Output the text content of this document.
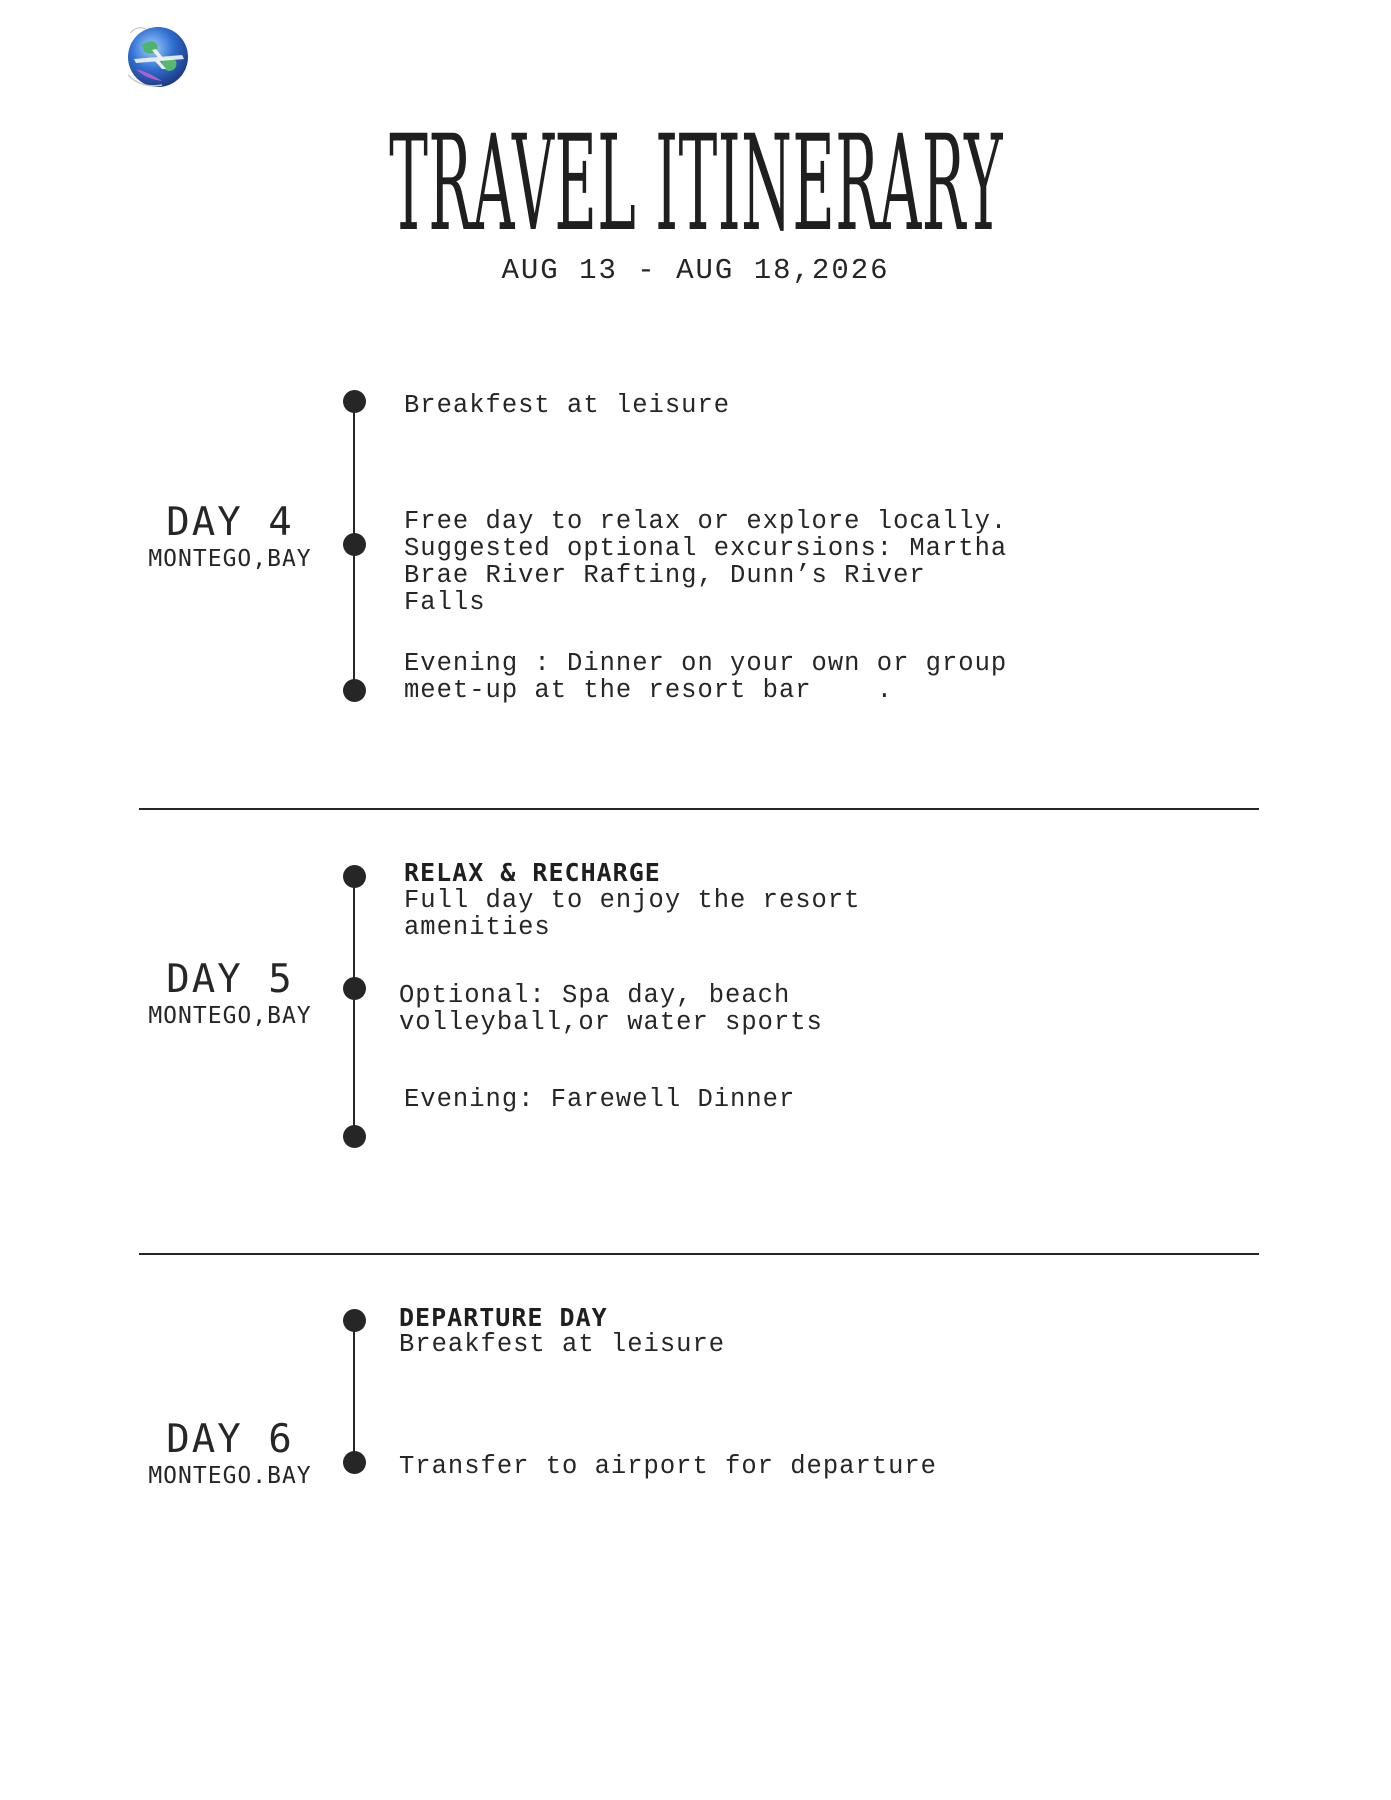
TRAVEL ITINERARY
AUG 13 - AUG 18,2026
DAY 4
MONTEGO,BAY
Breakfest at leisure
Free day to relax or explore locally.
Suggested optional excursions: Martha
Brae River Rafting, Dunn’s River
Falls
Evening : Dinner on your own or group
meet-up at the resort bar    .
DAY 5
MONTEGO,BAY
RELAX & RECHARGE
Full day to enjoy the resort
amenities
Optional: Spa day, beach
volleyball,or water sports
Evening: Farewell Dinner
DAY 6
MONTEGO.BAY
DEPARTURE DAY
Breakfest at leisure
Transfer to airport for departure
